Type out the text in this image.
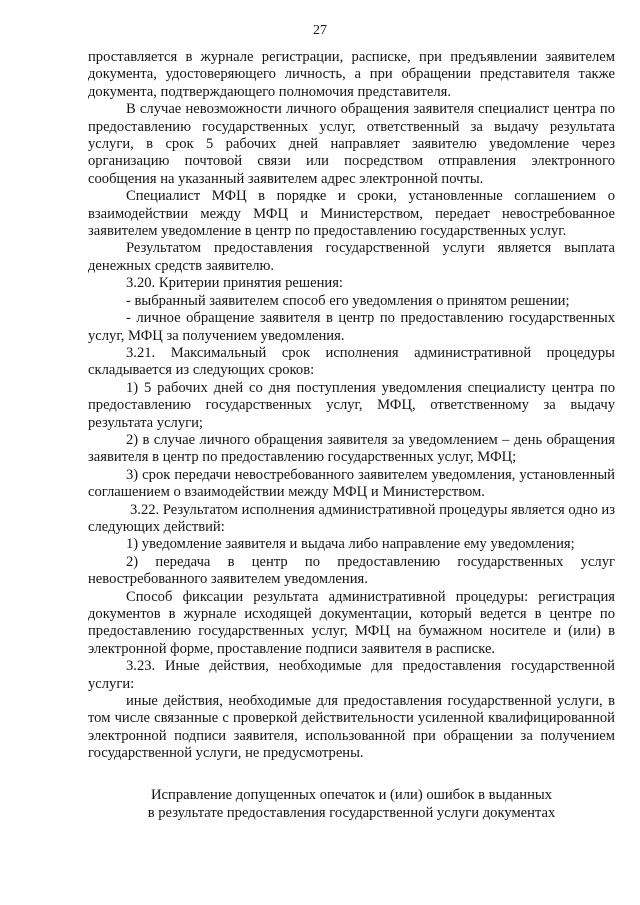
27

проставляется в журнале регистрации, расписке, при предъявлении заявителем документа, удостоверяющего личность, а при обращении представителя также документа, подтверждающего полномочия представителя.

В случае невозможности личного обращения заявителя специалист центра по предоставлению государственных услуг, ответственный за выдачу результата услуги, в срок 5 рабочих дней направляет заявителю уведомление через организацию почтовой связи или посредством отправления электронного сообщения на указанный заявителем адрес электронной почты.

Специалист МФЦ в порядке и сроки, установленные соглашением о взаимодействии между МФЦ и Министерством, передает невостребованное заявителем уведомление в центр по предоставлению государственных услуг.

Результатом предоставления государственной услуги является выплата денежных средств заявителю.

3.20. Критерии принятия решения:

- выбранный заявителем способ его уведомления о принятом решении;

- личное обращение заявителя в центр по предоставлению государственных услуг, МФЦ за получением уведомления.

3.21. Максимальный срок исполнения административной процедуры складывается из следующих сроков:

1) 5 рабочих дней со дня поступления уведомления специалисту центра по предоставлению государственных услуг, МФЦ, ответственному за выдачу результата услуги;

2) в случае личного обращения заявителя за уведомлением – день обращения заявителя в центр по предоставлению государственных услуг, МФЦ;

3) срок передачи невостребованного заявителем уведомления, установленный соглашением о взаимодействии между МФЦ и Министерством.

3.22. Результатом исполнения административной процедуры является одно из следующих действий:

1) уведомление заявителя и выдача либо направление ему уведомления;

2) передача в центр по предоставлению государственных услуг невостребованного заявителем уведомления.

Способ фиксации результата административной процедуры: регистрация документов в журнале исходящей документации, который ведется в центре по предоставлению государственных услуг, МФЦ на бумажном носителе и (или) в электронной форме, проставление подписи заявителя в расписке.

3.23. Иные действия, необходимые для предоставления государственной услуги:

иные действия, необходимые для предоставления государственной услуги, в том числе связанные с проверкой действительности усиленной квалифицированной электронной подписи заявителя, использованной при обращении за получением государственной услуги, не предусмотрены.

Исправление допущенных опечаток и (или) ошибок в выданных
в результате предоставления государственной услуги документах
